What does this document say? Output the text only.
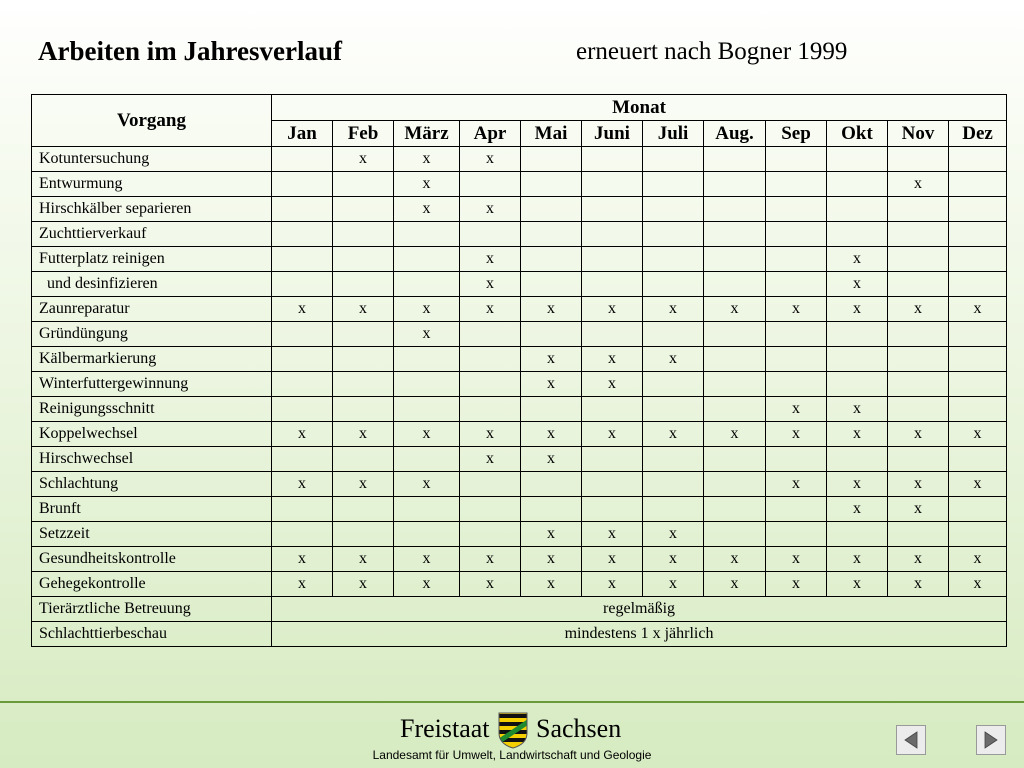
Arbeiten im Jahresverlauf	erneuert nach Bogner 1999
Vorgang	Monat											
	Jan	Feb	März	Apr	Mai	Juni	Juli	Aug.	Sep	Okt	Nov	Dez
Kotuntersuchung		x	x	x								
Entwurmung			x								x	
Hirschkälber separieren			x	x								
Zuchttierverkauf												
Futterplatz reinigen				x						x		
und desinfizieren				x						x		
Zaunreparatur	x	x	x	x	x	x	x	x	x	x	x	x
Gründüngung			x									
Kälbermarkierung					x	x	x					
Winterfuttergewinnung					x	x						
Reinigungsschnitt									x	x		
Koppelwechsel	x	x	x	x	x	x	x	x	x	x	x	x
Hirschwechsel				x	x							
Schlachtung	x	x	x						x	x	x	x
Brunft										x	x	
Setzzeit					x	x	x					
Gesundheitskontrolle	x	x	x	x	x	x	x	x	x	x	x	x
Gehegekontrolle	x	x	x	x	x	x	x	x	x	x	x	x
Tierärztliche Betreuung	regelmäßig											
Schlachttierbeschau	mindestens 1 x jährlich											
Freistaat Sachsen
Landesamt für Umwelt, Landwirtschaft und Geologie
